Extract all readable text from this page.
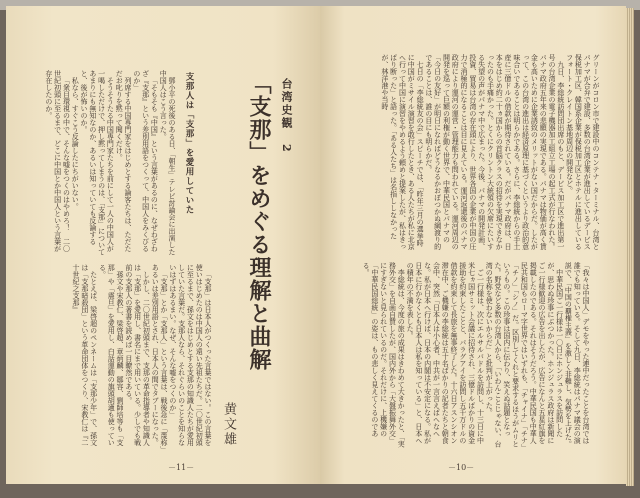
台湾史観2
「支那」をめぐる理解と曲解
黄文雄
支那人は「支那」を愛用していた

鄧小平の死後のある日、「朝生」テレビ討論会に出演した中国人はこう言った。

「そもそも『中国』という言葉があるのに、なぜわざわざ『支那』という差別用語をつくって、中国人をみくびるのか」

列席する中国専門家をはじめとする論客たちは、ただただお叱りを黙って聞くだけ。

そうそうたる中国専門家たちを前にして一人の中国人が一喝しただけで、押し黙ってしまうのは、「支那」についてあまりにも無知なのか、あるいは知っていても反論すると、後が怖いのか。

私なら、すぐこう反論したにちがいない。

「衆目環視の中で、そんな嘘をつくのはやめろ！　二〇世紀初頭に至るまで、どこに中国とか中国人という言葉が存在したのか。

「支那」は日本人がつくった言葉ではない。この言葉を使いはじめたのは中国人の遠い先祖たちだ。二〇世紀初頭に至るまで、孫文をはじめとする支那の知識人たちが愛用していた言葉だ。支那人なら、それぐらいのことを知らないはずはあるまい。なぜ、そんな嘘をつくのか」

「支那」とか「支那人」という言葉は、戦後急に「蔑称」あるいは差別用語とされ、日本人の間でタブーになった。

しかし、二〇世紀初頭まで、支那の革命指導者や知識人は「支那」を愛用し、書名にまで用いている。少しでも戦前の支那人の著書を読めば一目瞭然である。

孫文や宋教仁、梁啓超、章炳麟、鄒容、劉師培等も「支那」や「震旦」を愛用し、白話運動の旗頭胡適も使っている。

たとえば、梁啓超のペンネームは「支那少年」で、孫文は「支那暗殺団」という革命団体をつくり、宋教仁は『二十世紀之支那』

－11－

グリーンがコロン市で建設中のコンテナ・ターミナル、台湾とパナマが合弁で建設、多数の台湾企業が進出しているデービス保税加工区、韓国系企業が保税加工区とホテルに進出しているフォート・クレイトン基地周辺の開発など。

九日、李総統訪問団出席のもと、デービス加工区で進出第一号の台湾企業の電子機器加工組立工場の起工式が行なわれた。パナマ政府五年来の悲願の実現である。パナマは物価が高く賃金も高いために企業誘致のメリットがない国だからだ。したがって、この台湾の進出は経済原理に基づくというより政治的意味合いであることは明らかである。さらに、李総統からの手土産に三億ドルの借款が期待されている。だがパナマ政府は、日本をはじめ約二十ヵ国からの首脳クラスの招待を実現できなかったのも手痛かった。とくにクリントン大統領の欠席にたいする失望の声がパナマ中で広まった。今後、パナマの開発計画、投資、貿易は台湾の存在頭により、世界各国の企業が中国の圧力で消極的になることは目に見えている。運河返還後のパナマ政府により運河の運営・管理能力も問われている。運河周辺の開発を巡って巨額の利権が動く世界で、中華民国とパナマの「今日の友好」が明日になればどうなるかおぼつかぬ綱渡り的であることは、誰の目にも明らかだ。

七日の「李総統友の会」スピーチでは、「昨年三月の選挙時に中国がミサイル演習を敢行したとき、ある人たちが私に北京へ行って中国に演習をやめるよう頼めと提案したが、私はきっぱり断った」と語った。「ある人たち」は名指ししなかったが、林洋港や当時

「我々は中国人」デモをやった連中だったことを台湾では誰でも知っている。そして九日、李総統はパナマ議会の演説で、「中国の覇権主義」を激しく非難し、気勢を上げた。

中華民国ご一行様は一〇日にホンジュラスを訪問したが、思わぬ珍事にぶつかった。ホンジュラス政府は新聞にご一行様歓迎の広告を出したが、広告になんと五星紅旗を掲載したのである。それはそうだろう。中華民国も中華人民共和国もローマ字世界ではいずれも、「チャイナ」「チナ」「チノ」「シノ」だ。区別してくれと要求するほうがムリというもの。この珍事は国内に伝わり、笑えぬ話題となった。野党など多数の台湾人から、「いわんことじゃない、台湾の名称を使わないからだ」と批判が上がった。

ご一行様は、次にエルサルバドルを訪問し、十三日に中米七ヵ国サミット会議に招待され、三億ドルばかりの資金援助を約束したことと、パラグアイを訪問し五千万ドルの借款を約束して長旅を無事終了した。十六日アスンシオン滞在中、ご機嫌の李総統は五十名ばかりの記者たちと朝食会中、突然「日本人は小心者、中共が一言言えばへなへな。私が日本へ行けば、日本の内閣は不安定になる。私が日本に行かなくとも日本人は私を知っている」と、日本への積年の不満を表した。

李総統は、今度の旅の成果はきわめて大きかったと、「実務外交」を自画自賛したが、国内外から「大盤振舞外交」にすぎないと見られているのだ。それだけに、上機嫌の「中華民国総統」の姿は、もの悲しく見えてくるのである。

－10－
